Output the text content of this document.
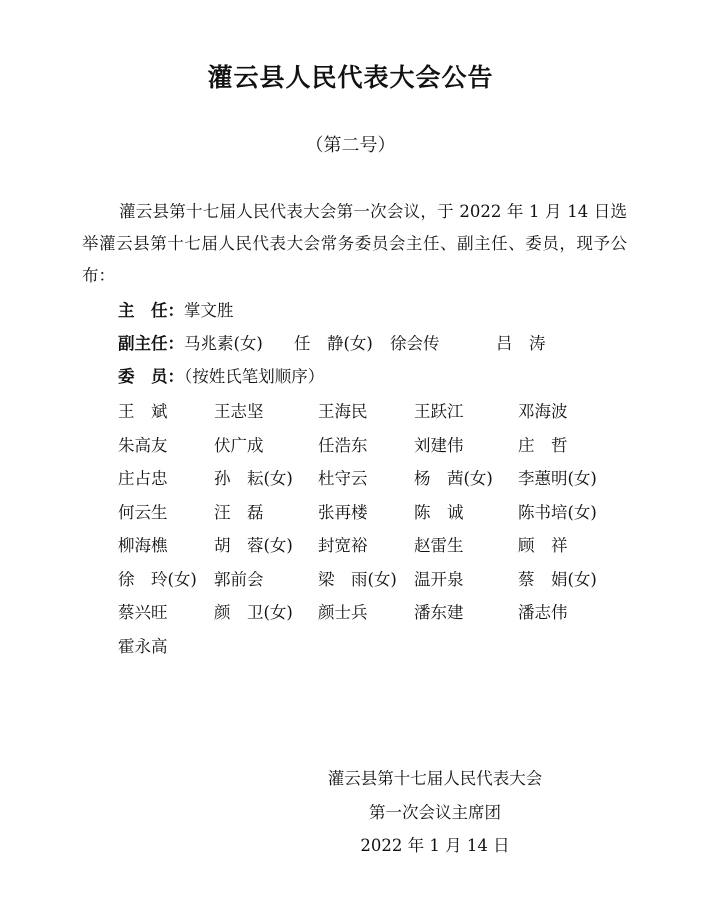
灌云县人民代表大会公告
（第二号）

灌云县第十七届人民代表大会第一次会议，于 2022 年 1 月 14 日选举灌云县第十七届人民代表大会常务委员会主任、副主任、委员，现予公布：

主　任：掌文胜
副主任：马兆素(女) 任　静(女) 徐会传	吕　涛
委　员：（按姓氏笔划顺序）
王　斌	王志坚	王海民	王跃江	邓海波
朱高友	伏广成	任浩东	刘建伟	庄　哲
庄占忠	孙　耘(女)	杜守云	杨　茜(女)	李蕙明(女)
何云生	汪　磊	张再楼	陈　诚	陈书培(女)
柳海樵	胡　蓉(女)	封宽裕	赵雷生	顾　祥
徐　玲(女)	郭前会	梁　雨(女)	温开泉	蔡　娟(女)
蔡兴旺	颜　卫(女)	颜士兵	潘东建	潘志伟
霍永高
灌云县第十七届人民代表大会
第一次会议主席团
2022 年 1 月 14 日
